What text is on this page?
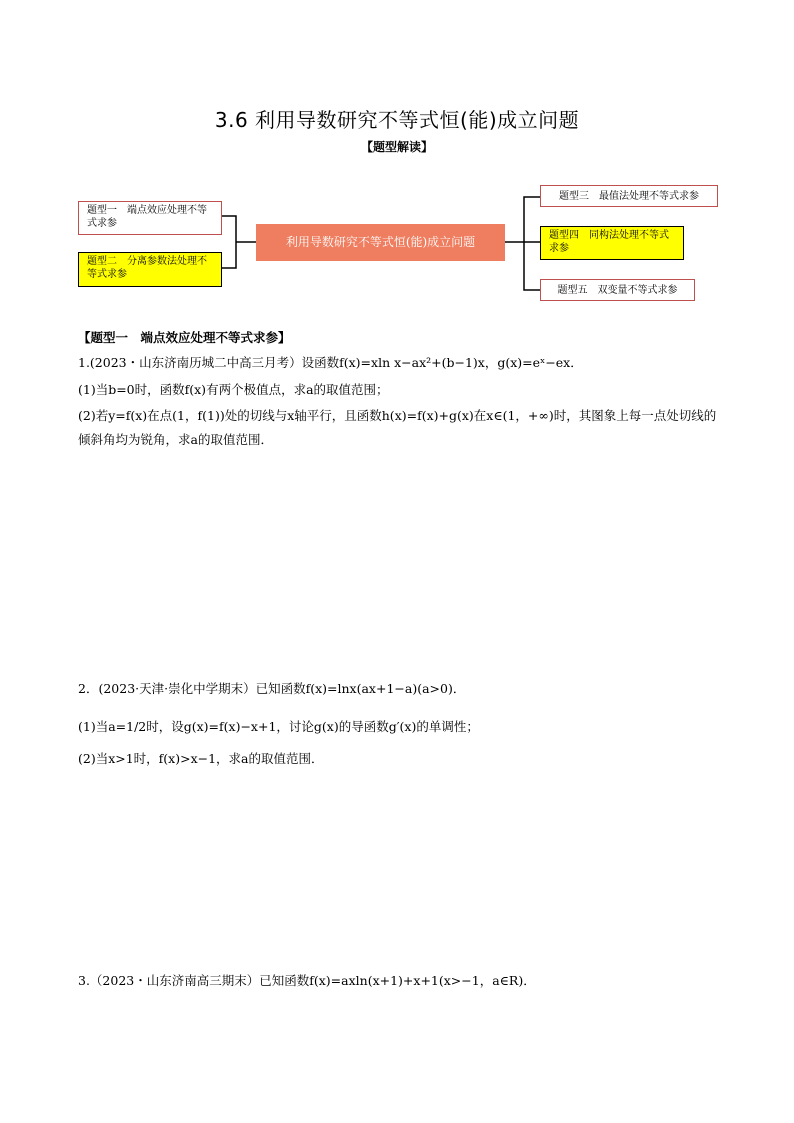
3.6 利用导数研究不等式恒(能)成立问题
【题型解读】
题型一　端点效应处理不等式求参
题型二　分离参数法处理不等式求参
利用导数研究不等式恒(能)成立问题
题型三　最值法处理不等式求参
题型四　同构法处理不等式求参
题型五　双变量不等式求参
【题型一　端点效应处理不等式求参】
1.(2023・山东济南历城二中高三月考）设函数f(x)=xln x−ax²+(b−1)x，g(x)=eˣ−ex．
(1)当b=0时，函数f(x)有两个极值点，求a的取值范围；
(2)若y=f(x)在点(1，f(1))处的切线与x轴平行，且函数h(x)=f(x)+g(x)在x∈(1，+∞)时，其图象上每一点处切线的倾斜角均为锐角，求a的取值范围．
2．(2023·天津·崇化中学期末）已知函数f(x)=lnx(ax+1−a)(a>0)．
(1)当a=1/2时，设g(x)=f(x)−x+1，讨论g(x)的导函数g′(x)的单调性；
(2)当x>1时，f(x)>x−1，求a的取值范围．
3.（2023・山东济南高三期末）已知函数f(x)=axln(x+1)+x+1(x>−1，a∈R)．
